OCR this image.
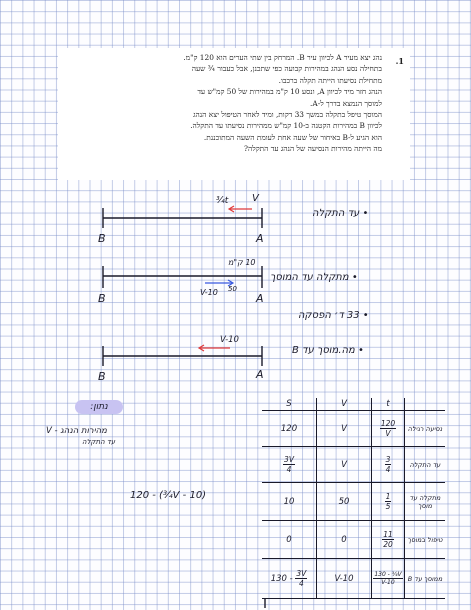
1.
נהג יצא מעיר A לכיוון עיר B. המרחק בין שתי הערים הוא 120 ק"מ.
בתחילה נסע הנהג במהירות קבועה כפי שתכנן, אבל כעבור ¾ שעה
מתחילת נסיעתו הייתה תקלה ברכבו.
הנהג חזר מיד לכיוון A, ונסע 10 ק"מ במהירות של 50 קמ"ש עד
למוסך הנמצא בדרך ל-A.
המוסך טיפל בתקלה במשך 33 דקות, ומיד לאחר הטיפול יצא הנהג
לכיוון B במהירות הקטנה ב-10 קמ"ש ממהירות נסיעתו עד התקלה.
הוא הגיע ל-B באיחור של שעה אחת לעומת השעה המתוכננת.
מה הייתה מהירות הנסיעה של הנהג עד התקלה?
B	A
¾t V
B	A
10 ק"מ
V-10 50
V-10
B	A
• עד התקלה
• מתקלה עד המוסך
• 33 ד׳ הפסקה
• מה.מוסך עד B
נתון:
מהירות הנהג - V
עד התקלה
120 - (¾V - 10)
S	V	t	
120	V	$\frac{120}{V}$	נסיעה רגילה

$\frac{3V}{4}$	V	$\frac{3}{4}$	עד התקלה
10	50	$\frac{1}{5}$	מתקלה עד מוסך
0	0	$\frac{11}{20}$	טיפול במוסך
$130 - \frac{3V}{4}$	V-10	$\frac{\text{130 - ¾V}}{V-10}$	ממוסך עד B
